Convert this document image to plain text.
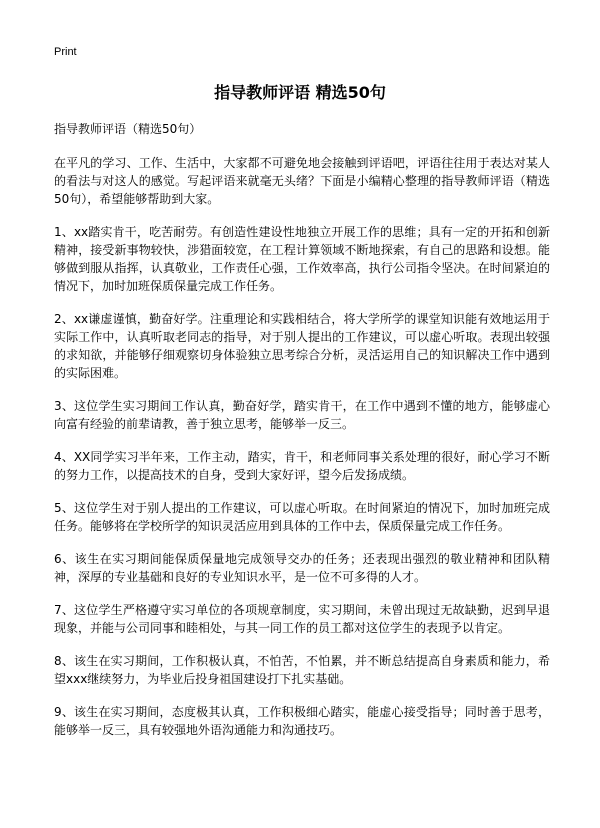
Print
指导教师评语 精选50句

指导教师评语（精选50句）

在平凡的学习、工作、生活中，大家都不可避免地会接触到评语吧，评语往往用于表达对某人的看法与对这人的感觉。写起评语来就毫无头绪？下面是小编精心整理的指导教师评语（精选50句），希望能够帮助到大家。

1、xx踏实肯干，吃苦耐劳。有创造性建设性地独立开展工作的思维；具有一定的开拓和创新精神，接受新事物较快，涉猎面较宽，在工程计算领域不断地探索，有自己的思路和设想。能够做到服从指挥，认真敬业，工作责任心强，工作效率高，执行公司指令坚决。在时间紧迫的情况下，加时加班保质保量完成工作任务。

2、xx谦虚谨慎，勤奋好学。注重理论和实践相结合，将大学所学的课堂知识能有效地运用于实际工作中，认真听取老同志的指导，对于别人提出的工作建议，可以虚心听取。表现出较强的求知欲，并能够仔细观察切身体验独立思考综合分析，灵活运用自己的知识解决工作中遇到的实际困难。

3、这位学生实习期间工作认真，勤奋好学，踏实肯干，在工作中遇到不懂的地方，能够虚心向富有经验的前辈请教，善于独立思考，能够举一反三。

4、XX同学实习半年来，工作主动，踏实，肯干，和老师同事关系处理的很好，耐心学习不断的努力工作，以提高技术的自身，受到大家好评，望今后发扬成绩。

5、这位学生对于别人提出的工作建议，可以虚心听取。在时间紧迫的情况下，加时加班完成任务。能够将在学校所学的知识灵活应用到具体的工作中去，保质保量完成工作任务。

6、该生在实习期间能保质保量地完成领导交办的任务；还表现出强烈的敬业精神和团队精神，深厚的专业基础和良好的专业知识水平，是一位不可多得的人才。

7、这位学生严格遵守实习单位的各项规章制度，实习期间，未曾出现过无故缺勤，迟到早退现象，并能与公司同事和睦相处，与其一同工作的员工都对这位学生的表现予以肯定。

8、该生在实习期间，工作积极认真，不怕苦，不怕累，并不断总结提高自身素质和能力，希望xxx继续努力，为毕业后投身祖国建设打下扎实基础。

9、该生在实习期间，态度极其认真，工作积极细心踏实，能虚心接受指导；同时善于思考，能够举一反三，具有较强地外语沟通能力和沟通技巧。
